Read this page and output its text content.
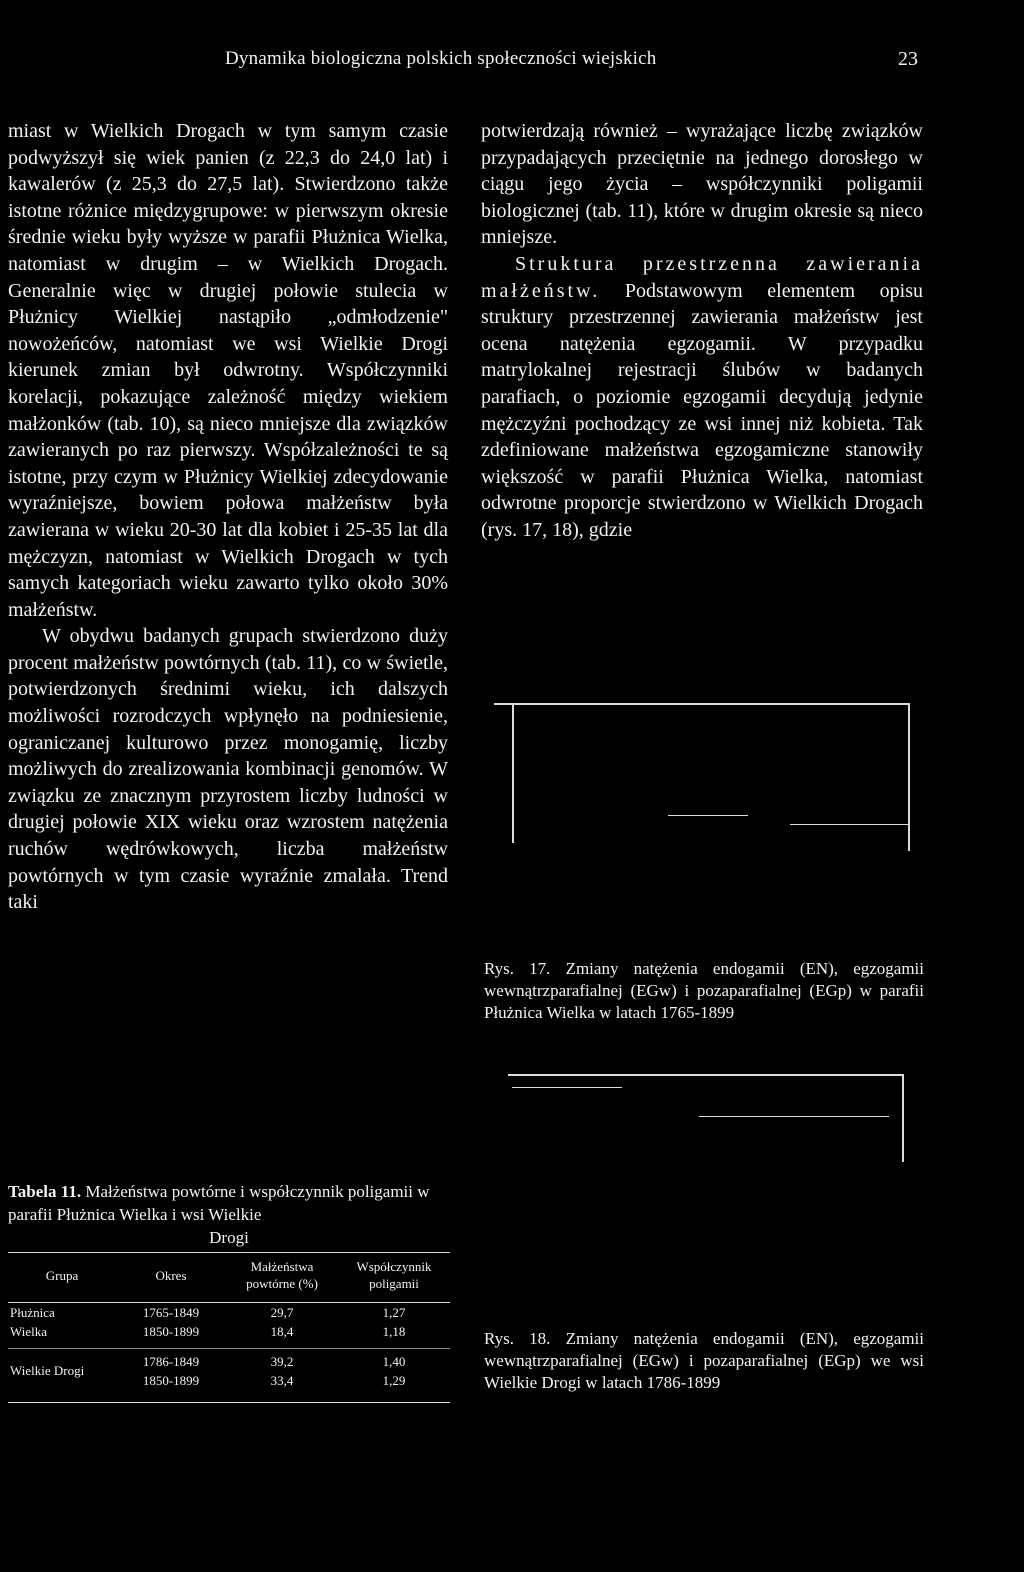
Dynamika biologiczna polskich społeczności wiejskich	23

miast w Wielkich Drogach w tym samym czasie podwyższył się wiek panien (z 22,3 do 24,0 lat) i kawalerów (z 25,3 do 27,5 lat). Stwierdzono także istotne różnice międzygrupowe: w pierwszym okresie średnie wieku były wyższe w parafii Płużnica Wielka, natomiast w drugim – w Wielkich Drogach. Generalnie więc w drugiej połowie stulecia w Płużnicy Wielkiej nastąpiło „odmłodzenie" nowożeńców, natomiast we wsi Wielkie Drogi kierunek zmian był odwrotny. Współczynniki korelacji, pokazujące zależność między wiekiem małżonków (tab. 10), są nieco mniejsze dla związków zawieranych po raz pierwszy. Współzależności te są istotne, przy czym w Płużnicy Wielkiej zdecydowanie wyraźniejsze, bowiem połowa małżeństw była zawierana w wieku 20-30 lat dla kobiet i 25-35 lat dla mężczyzn, natomiast w Wielkich Drogach w tych samych kategoriach wieku zawarto tylko około 30% małżeństw.

W obydwu badanych grupach stwierdzono duży procent małżeństw powtórnych (tab. 11), co w świetle, potwierdzonych średnimi wieku, ich dalszych możliwości rozrodczych wpłynęło na podniesienie, ograniczanej kulturowo przez monogamię, liczby możliwych do zrealizowania kombinacji genomów. W związku ze znacznym przyrostem liczby ludności w drugiej połowie XIX wieku oraz wzrostem natężenia ruchów wędrówkowych, liczba małżeństw powtórnych w tym czasie wyraźnie zmalała. Trend taki

potwierdzają również – wyrażające liczbę związków przypadających przeciętnie na jednego dorosłego w ciągu jego życia – współczynniki poligamii biologicznej (tab. 11), które w drugim okresie są nieco mniejsze.

Struktura przestrzenna zawierania małżeństw. Podstawowym elementem opisu struktury przestrzennej zawierania małżeństw jest ocena natężenia egzogamii. W przypadku matrylokalnej rejestracji ślubów w badanych parafiach, o poziomie egzogamii decydują jedynie mężczyźni pochodzący ze wsi innej niż kobieta. Tak zdefiniowane małżeństwa egzogamiczne stanowiły większość w parafii Płużnica Wielka, natomiast odwrotne proporcje stwierdzono w Wielkich Drogach (rys. 17, 18), gdzie

Rys. 17. Zmiany natężenia endogamii (EN), egzogamii wewnątrzparafialnej (EGw) i pozaparafialnej (EGp) w parafii Płużnica Wielka w latach 1765-1899
Rys. 18. Zmiany natężenia endogamii (EN), egzogamii wewnątrzparafialnej (EGw) i pozaparafialnej (EGp) we wsi Wielkie Drogi w latach 1786-1899
Tabela 11. Małżeństwa powtórne i współczynnik poligamii w parafii Płużnica Wielka i wsi Wielkie
Drogi
Grupa	Okres	Małżeństwa powtórne (%)	Współczynnik poligamii
Płużnica	1765-1849	29,7	1,27
Wielka	1850-1899	18,4	1,18
Wielkie Drogi	1786-1849	39,2	1,40
	1850-1899	33,4	1,29
